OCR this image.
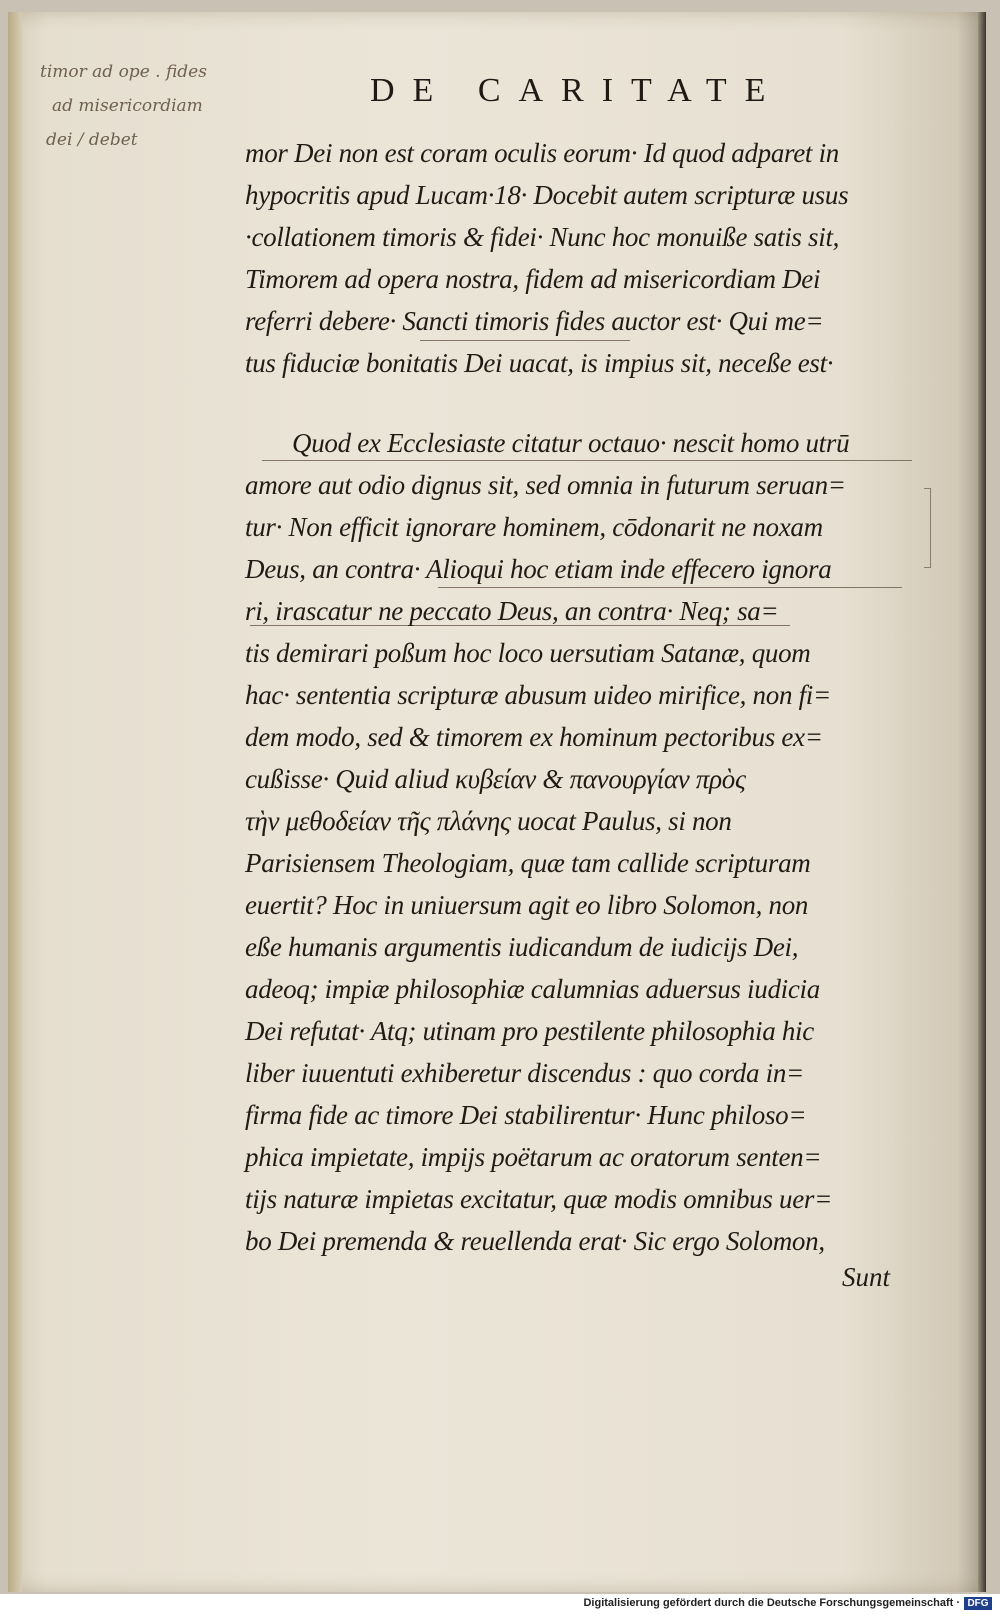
DE CARITATE
timor ad ope . fides
ad misericordiam
dei / debet	mor Dei non est coram oculis eorum· Id quod adparet in
hypocritis apud Lucam·18· Docebit autem scripturæ usus
·collationem timoris & fidei· Nunc hoc monuiße satis sit,
Timorem ad opera nostra, fidem ad misericordiam Dei
referri debere· Sancti timoris fides auctor est· Qui me=
tus fiduciæ bonitatis Dei uacat, is impius sit, neceße est·
Quod ex Ecclesiaste citatur octauo· nescit homo utrū
amore aut odio dignus sit, sed omnia in futurum seruan=
tur· Non efficit ignorare hominem, cōdonarit ne noxam
Deus, an contra· Alioqui hoc etiam inde effecero ignora
ri, irascatur ne peccato Deus, an contra· Neq; sa=
tis demirari poßum hoc loco uersutiam Satanæ, quom
hac· sententia scripturæ abusum uideo mirifice, non fi=
dem modo, sed & timorem ex hominum pectoribus ex=
cußisse· Quid aliud κυβείαν & πανουργίαν πρὸς
τὴν μεθοδείαν τῆς πλάνης uocat Paulus, si non
Parisiensem Theologiam, quæ tam callide scripturam
euertit? Hoc in uniuersum agit eo libro Solomon, non
eße humanis argumentis iudicandum de iudicijs Dei,
adeoq; impiæ philosophiæ calumnias aduersus iudicia
Dei refutat· Atq; utinam pro pestilente philosophia hic
liber iuuentuti exhiberetur discendus : quo corda in=
firma fide ac timore Dei stabilirentur· Hunc philoso=
phica impietate, impijs poëtarum ac oratorum senten=
tijs naturæ impietas excitatur, quæ modis omnibus uer=
bo Dei premenda & reuellenda erat· Sic ergo Solomon,
Sunt
Digitalisierung gefördert durch die Deutsche Forschungsgemeinschaft · DFG
